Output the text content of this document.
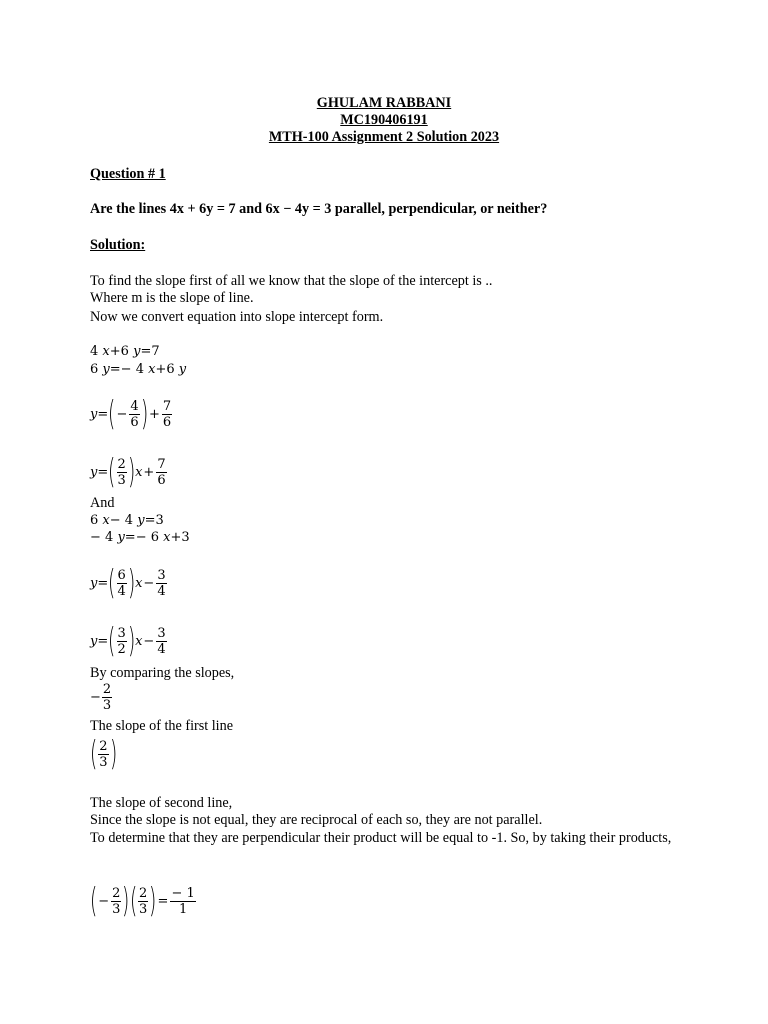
GHULAM RABBANI
MC190406191
MTH-100 Assignment 2 Solution 2023
Question # 1
Are the lines 4x + 6y = 7 and 6x − 4y = 3 parallel, perpendicular, or neither?
Solution:
To find the slope first of all we know that the slope of the intercept is ..
Where m is the slope of line.
Now we convert equation into slope intercept form.
4 x+6 y=7
6 y=− 4 x+6 y
y= ( − $\frac{4}{6}$ ) + $\frac{7}{6}$
y= ( $\frac{2}{3}$ ) $x + \frac{7}{6}$
And
6 x− 4 y=3
− 4 y=− 6 x+3
y= ( $\frac{6}{4}$ ) $x - \frac{3}{4}$
y= ( $\frac{3}{2}$ ) $x - \frac{3}{4}$
By comparing the slopes,
− $\frac{2}{3}$
The slope of the first line
( $\frac{2}{3}$ )
The slope of second line,
Since the slope is not equal, they are reciprocal of each so, they are not parallel.
To determine that they are perpendicular their product will be equal to -1. So, by taking their products,
( − $\frac{2}{3}$ ) ( $\frac{2}{3}$ ) = $\frac{- 1}{1}$
